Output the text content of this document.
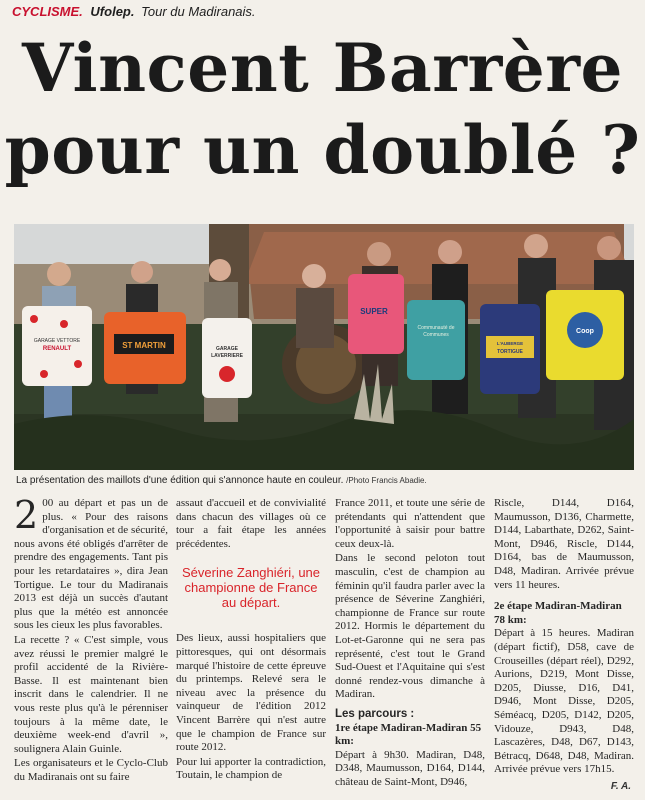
CYCLISME. Ufolep. Tour du Madiranais.
Vincent Barrère
pour un doublé ?
GARAGE VETTORE
RENAULT	ST MARTIN	GARAGE
LAVERRIERE
SUPER
Communauté de
Communes
L'AUBERGE
TORTIGUE
Coop
La présentation des maillots d'une édition qui s'annonce haute en couleur. /Photo Francis Abadie.

2 00 au départ et pas un de plus. « Pour des raisons d'organisation et de sécurité, nous avons été obligés d'arrêter de prendre des engagements. Tant pis pour les retardataires », dira Jean Tortigue. Le tour du Madiranais 2013 est déjà un succès d'autant plus que la météo est annoncée sous les cieux les plus favorables.

La recette ? « C'est simple, vous avez réussi le premier malgré le profil accidenté de la Rivière-Basse. Il est maintenant bien inscrit dans le calendrier. Il ne vous reste plus qu'à le pérenniser toujours à la même date, le deuxième week-end d'avril », soulignera Alain Guinle.

Les organisateurs et le Cyclo-Club du Madiranais ont su faire

assaut d'accueil et de convivialité dans chacun des villages où ce tour a fait étape les années précédentes.

Séverine Zanghiéri, une championne de France au départ.

Des lieux, aussi hospitaliers que pittoresques, qui ont désormais marqué l'histoire de cette épreuve du printemps. Relevé sera le niveau avec la présence du vainqueur de l'édition 2012 Vincent Barrère qui n'est autre que le champion de France sur route 2012.

Pour lui apporter la contradiction, Toutain, le champion de

France 2011, et toute une série de prétendants qui n'attendent que l'opportunité à saisir pour battre ceux deux-là.

Dans le second peloton tout masculin, c'est de champion au féminin qu'il faudra parler avec la présence de Séverine Zanghiéri, championne de France sur route 2012. Hormis le département du Lot-et-Garonne qui ne sera pas représenté, c'est tout le Grand Sud-Ouest et l'Aquitaine qui s'est donné rendez-vous dimanche à Madiran.

Les parcours :
1re étape Madiran-Madiran 55 km:

Départ à 9h30. Madiran, D48, D348, Maumusson, D164, D144, château de Saint-Mont, D946,

Riscle, D144, D164, Maumusson, D136, Charmette, D144, Labarthate, D262, Saint-Mont, D946, Riscle, D144, D164, bas de Maumusson, D48, Madiran. Arrivée prévue vers 11 heures.

2e étape Madiran-Madiran 78 km:

Départ à 15 heures. Madiran (départ fictif), D58, cave de Crouseilles (départ réel), D292, Aurions, D219, Mont Disse, D205, Diusse, D16, D41, D946, Mont Disse, D205, Séméacq, D205, D142, D205, Vidouze, D943, D48, Lascazères, D48, D67, D143, Bétracq, D648, D48, Madiran. Arrivée prévue vers 17h15.

F. A.
